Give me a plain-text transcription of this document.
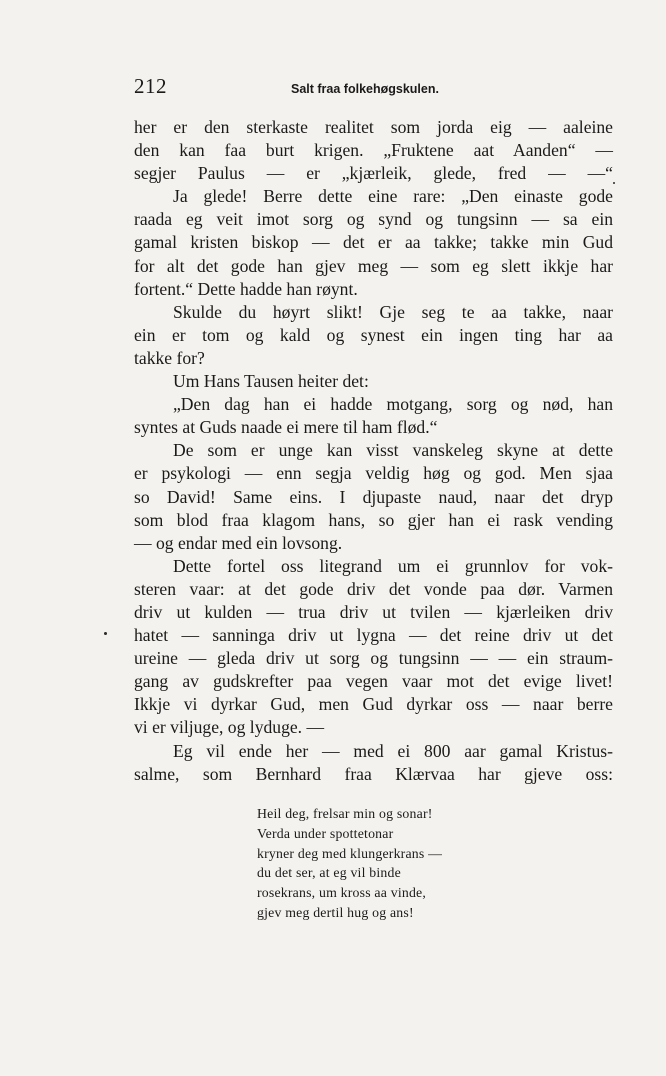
212	Salt fraa folkehøgskulen.
her er den sterkaste realitet som jorda eig — aaleine
den kan faa burt krigen. „Fruktene aat Aanden“ —
segjer Paulus — er „kjærleik, glede, fred — —“
Ja glede! Berre dette eine rare: „Den einaste gode
raada eg veit imot sorg og synd og tungsinn — sa ein
gamal kristen biskop — det er aa takke; takke min Gud
for alt det gode han gjev meg — som eg slett ikkje har
fortent.“ Dette hadde han røynt.
Skulde du høyrt slikt! Gje seg te aa takke, naar
ein er tom og kald og synest ein ingen ting har aa
takke for?
Um Hans Tausen heiter det:
„Den dag han ei hadde motgang, sorg og nød, han
syntes at Guds naade ei mere til ham flød.“
De som er unge kan visst vanskeleg skyne at dette
er psykologi — enn segja veldig høg og god. Men sjaa
so David! Same eins. I djupaste naud, naar det dryp
som blod fraa klagom hans, so gjer han ei rask vending
— og endar med ein lovsong.
Dette fortel oss litegrand um ei grunnlov for vok-
steren vaar: at det gode driv det vonde paa dør. Varmen
driv ut kulden — trua driv ut tvilen — kjærleiken driv
hatet — sanninga driv ut lygna — det reine driv ut det
ureine — gleda driv ut sorg og tungsinn — — ein straum-
gang av gudskrefter paa vegen vaar mot det evige livet!
Ikkje vi dyrkar Gud, men Gud dyrkar oss — naar berre
vi er viljuge, og lyduge. —
Eg vil ende her — med ei 800 aar gamal Kristus-
salme, som Bernhard fraa Klærvaa har gjeve oss:
Heil deg, frelsar min og sonar!
Verda under spottetonar
kryner deg med klungerkrans —
du det ser, at eg vil binde
rosekrans, um kross aa vinde,
gjev meg dertil hug og ans!
